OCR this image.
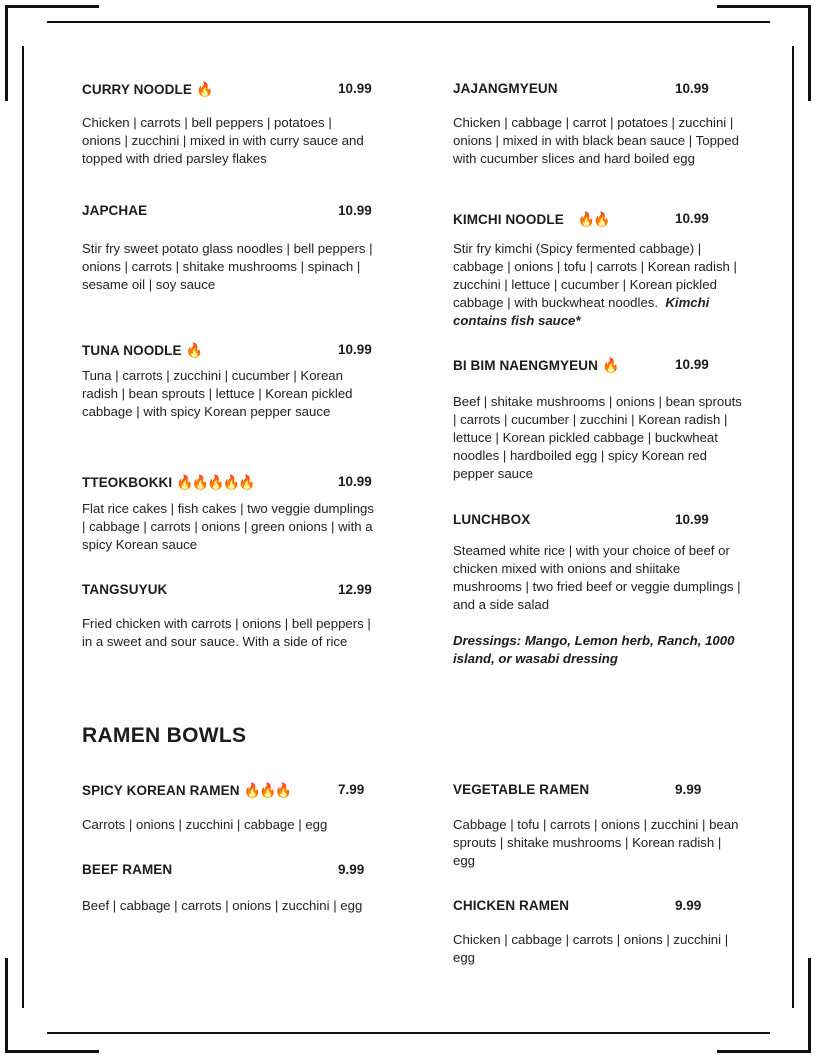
CURRY NOODLE 🔥	10.99
Chicken | carrots | bell peppers | potatoes | onions | zucchini | mixed in with curry sauce and topped with dried parsley flakes
JAPCHAE	10.99
Stir fry sweet potato glass noodles | bell peppers | onions | carrots | shitake mushrooms | spinach | sesame oil | soy sauce
TUNA NOODLE 🔥	10.99
Tuna | carrots | zucchini | cucumber | Korean radish | bean sprouts | lettuce | Korean pickled cabbage | with spicy Korean pepper sauce
TTEOKBOKKI 🔥🔥🔥🔥🔥	10.99
Flat rice cakes | fish cakes | two veggie dumplings | cabbage | carrots | onions | green onions | with a spicy Korean sauce
TANGSUYUK	12.99
Fried chicken with carrots | onions | bell peppers | in a sweet and sour sauce. With a side of rice
JAJANGMYEUN	10.99
Chicken | cabbage | carrot | potatoes | zucchini | onions | mixed in with black bean sauce | Topped with cucumber slices and hard boiled egg
KIMCHI NOODLE 🔥🔥	10.99
Stir fry kimchi (Spicy fermented cabbage) | cabbage | onions | tofu | carrots | Korean radish | zucchini | lettuce | cucumber | Korean pickled cabbage | with buckwheat noodles. Kimchi contains fish sauce*
BI BIM NAENGMYEUN 🔥	10.99
Beef | shitake mushrooms | onions | bean sprouts | carrots | cucumber | zucchini | Korean radish | lettuce | Korean pickled cabbage | buckwheat noodles | hardboiled egg | spicy Korean red pepper sauce
LUNCHBOX	10.99
Steamed white rice | with your choice of beef or chicken mixed with onions and shiitake mushrooms | two fried beef or veggie dumplings | and a side salad
Dressings: Mango, Lemon herb, Ranch, 1000 island, or wasabi dressing
RAMEN BOWLS
SPICY KOREAN RAMEN 🔥🔥🔥	7.99
Carrots | onions | zucchini | cabbage | egg
BEEF RAMEN	9.99
Beef | cabbage | carrots | onions | zucchini | egg
VEGETABLE RAMEN	9.99
Cabbage | tofu | carrots | onions | zucchini | bean sprouts | shitake mushrooms | Korean radish | egg
CHICKEN RAMEN	9.99
Chicken | cabbage | carrots | onions | zucchini | egg
